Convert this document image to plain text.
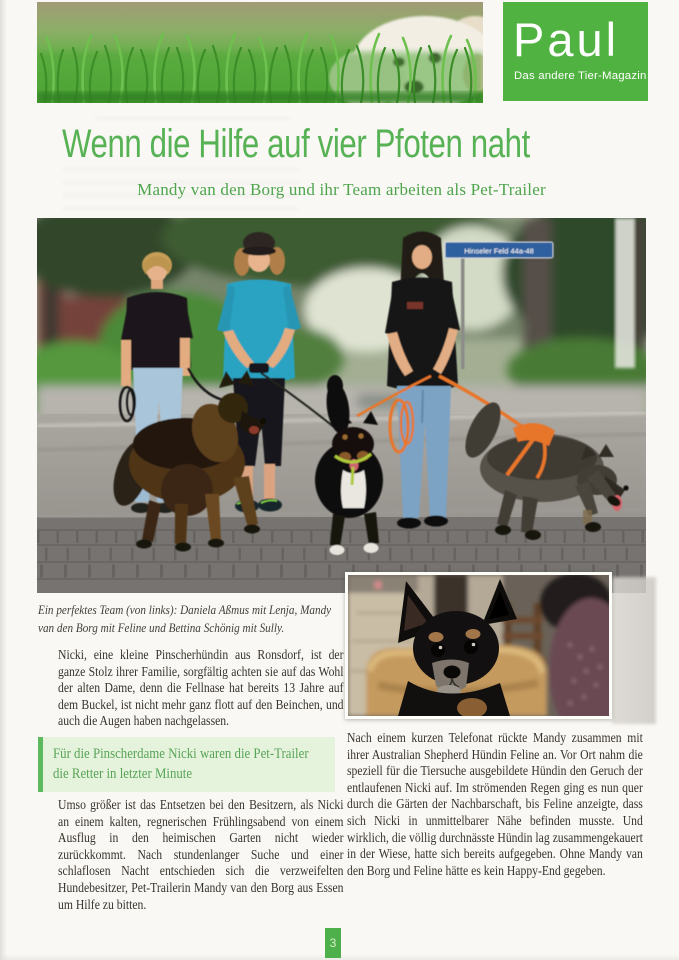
Paul
Das andere Tier-Magazin
Wenn die Hilfe auf vier Pfoten naht
Mandy van den Borg und ihr Team arbeiten als Pet-Trailer
Hinseler Feld 44a-48
Ein perfektes Team (von links): Daniela Aßmus mit Lenja, Mandy van den Borg mit Feline und Bettina Schönig mit Sully.
Nicki, eine kleine Pinscherhündin aus Ronsdorf, ist der ganze Stolz ihrer Familie, sorgfältig achten sie auf das Wohl der alten Dame, denn die Fellnase hat bereits 13 Jahre auf dem Buckel, ist nicht mehr ganz flott auf den Beinchen, und auch die Augen haben nachgelassen.
Für die Pinscherdame Nicki waren die Pet-Trailer die Retter in letzter Minute
Umso größer ist das Entsetzen bei den Besitzern, als Nicki an einem kalten, regnerischen Frühlingsabend von einem Ausflug in den heimischen Garten nicht wieder zurückkommt. Nach stundenlanger Suche und einer schlaflosen Nacht entschieden sich die verzweifelten Hundebesitzer, Pet-Trailerin Mandy van den Borg aus Essen um Hilfe zu bitten.
Nach einem kurzen Telefonat rückte Mandy zusammen mit ihrer Australian Shepherd Hündin Feline an. Vor Ort nahm die speziell für die Tiersuche ausgebildete Hündin den Geruch der entlaufenen Nicki auf. Im strömenden Regen ging es nun quer durch die Gärten der Nachbarschaft, bis Feline anzeigte, dass sich Nicki in unmittelbarer Nähe befinden musste. Und wirklich, die völlig durchnässte Hündin lag zusammengekauert in der Wiese, hatte sich bereits aufgegeben. Ohne Mandy van den Borg und Feline hätte es kein Happy-End gegeben.
3
